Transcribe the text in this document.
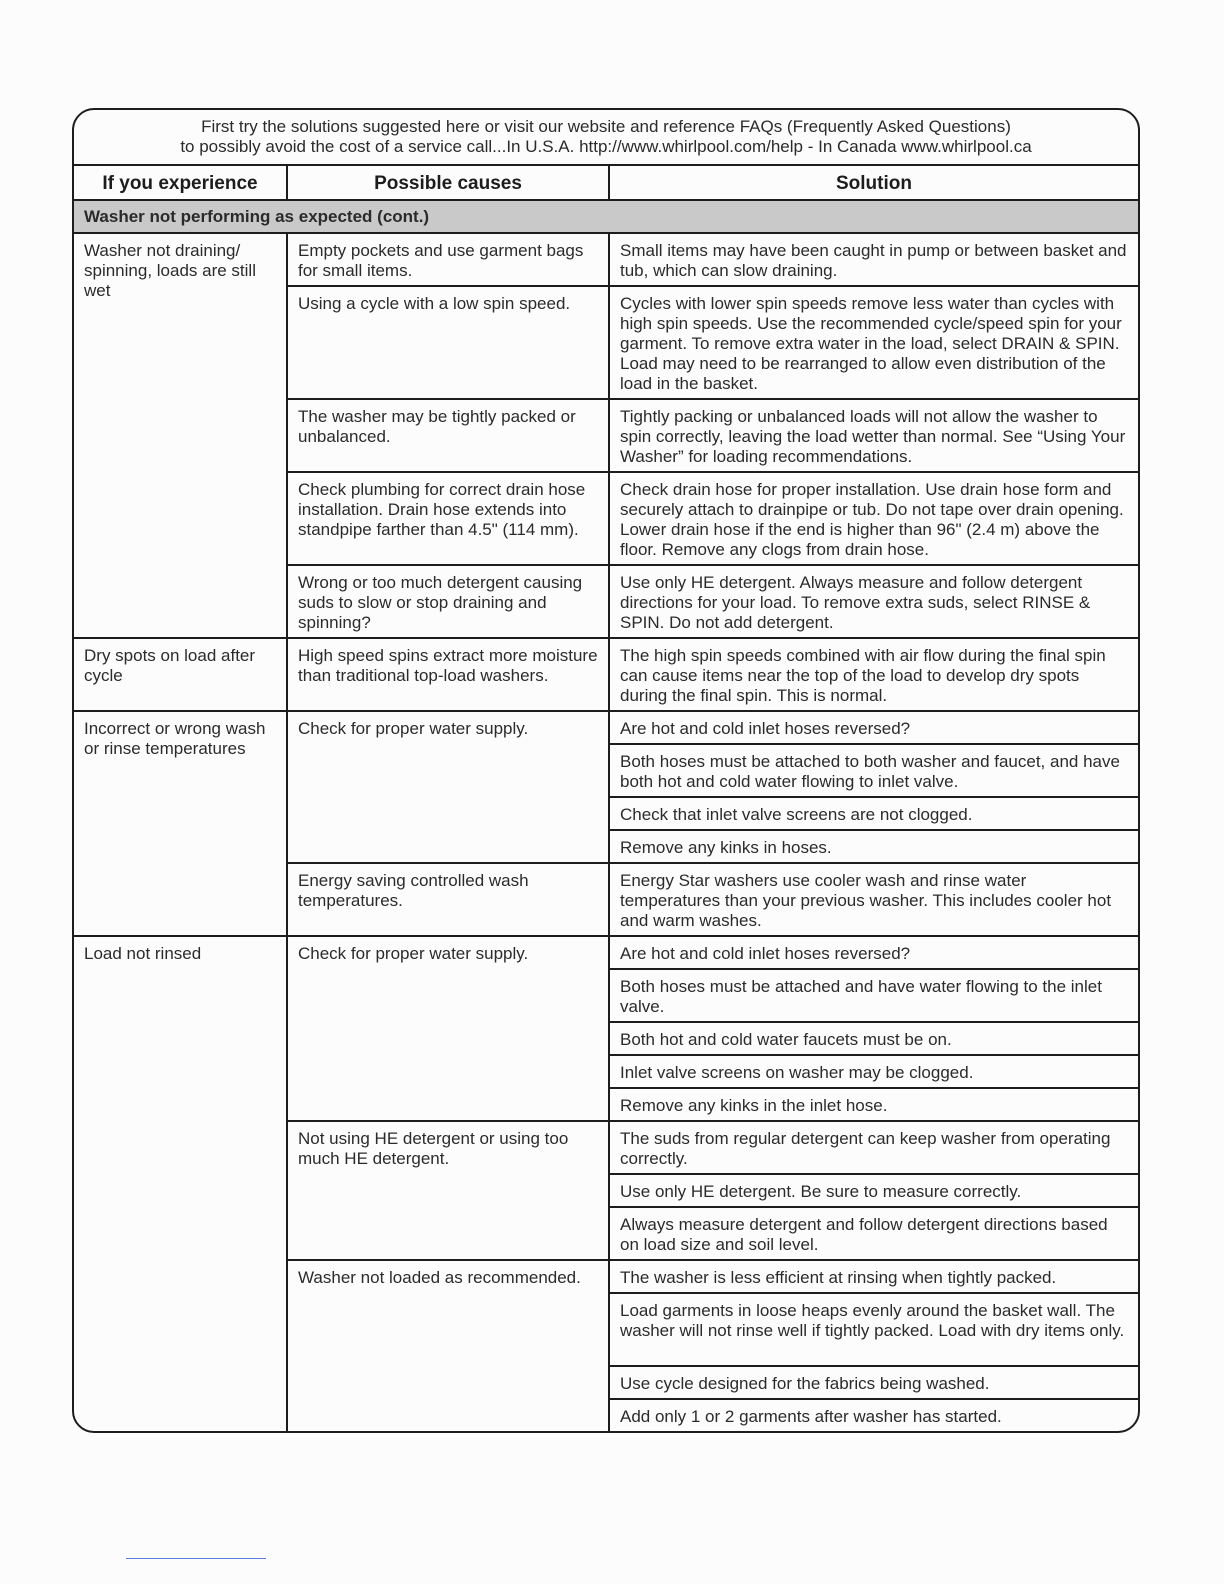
First try the solutions suggested here or visit our website and reference FAQs (Frequently Asked Questions)
to possibly avoid the cost of a service call...In U.S.A. http://www.whirlpool.com/help - In Canada www.whirlpool.ca
If you experience	Possible causes	Solution
Washer not performing as expected (cont.)		
Washer not draining/ spinning, loads are still wet	Empty pockets and use garment bags for small items.	Small items may have been caught in pump or between basket and tub, which can slow draining.
	Using a cycle with a low spin speed.	Cycles with lower spin speeds remove less water than cycles with high spin speeds. Use the recommended cycle/speed spin for your garment. To remove extra water in the load, select DRAIN & SPIN. Load may need to be rearranged to allow even distribution of the load in the basket.
	The washer may be tightly packed or unbalanced.	Tightly packing or unbalanced loads will not allow the washer to spin correctly, leaving the load wetter than normal. See “Using Your Washer” for loading recommendations.
	Check plumbing for correct drain hose installation. Drain hose extends into standpipe farther than 4.5" (114 mm).	Check drain hose for proper installation. Use drain hose form and securely attach to drainpipe or tub. Do not tape over drain opening. Lower drain hose if the end is higher than 96" (2.4 m) above the floor. Remove any clogs from drain hose.
	Wrong or too much detergent causing suds to slow or stop draining and spinning?	Use only HE detergent. Always measure and follow detergent directions for your load. To remove extra suds, select RINSE & SPIN. Do not add detergent.
Dry spots on load after cycle	High speed spins extract more moisture than traditional top-load washers.	The high spin speeds combined with air flow during the final spin can cause items near the top of the load to develop dry spots during the final spin. This is normal.
Incorrect or wrong wash or rinse temperatures	Check for proper water supply.	Are hot and cold inlet hoses reversed?
		Both hoses must be attached to both washer and faucet, and have both hot and cold water flowing to inlet valve.
		Check that inlet valve screens are not clogged.
		Remove any kinks in hoses.
	Energy saving controlled wash temperatures.	Energy Star washers use cooler wash and rinse water temperatures than your previous washer. This includes cooler hot and warm washes.
Load not rinsed	Check for proper water supply.	Are hot and cold inlet hoses reversed?
		Both hoses must be attached and have water flowing to the inlet valve.
		Both hot and cold water faucets must be on.
		Inlet valve screens on washer may be clogged.
		Remove any kinks in the inlet hose.
	Not using HE detergent or using too much HE detergent.	The suds from regular detergent can keep washer from operating correctly.
		Use only HE detergent. Be sure to measure correctly.
		Always measure detergent and follow detergent directions based on load size and soil level.
	Washer not loaded as recommended.	The washer is less efficient at rinsing when tightly packed.
		Load garments in loose heaps evenly around the basket wall. The washer will not rinse well if tightly packed. Load with dry items only.
		Use cycle designed for the fabrics being washed.
		Add only 1 or 2 garments after washer has started.
